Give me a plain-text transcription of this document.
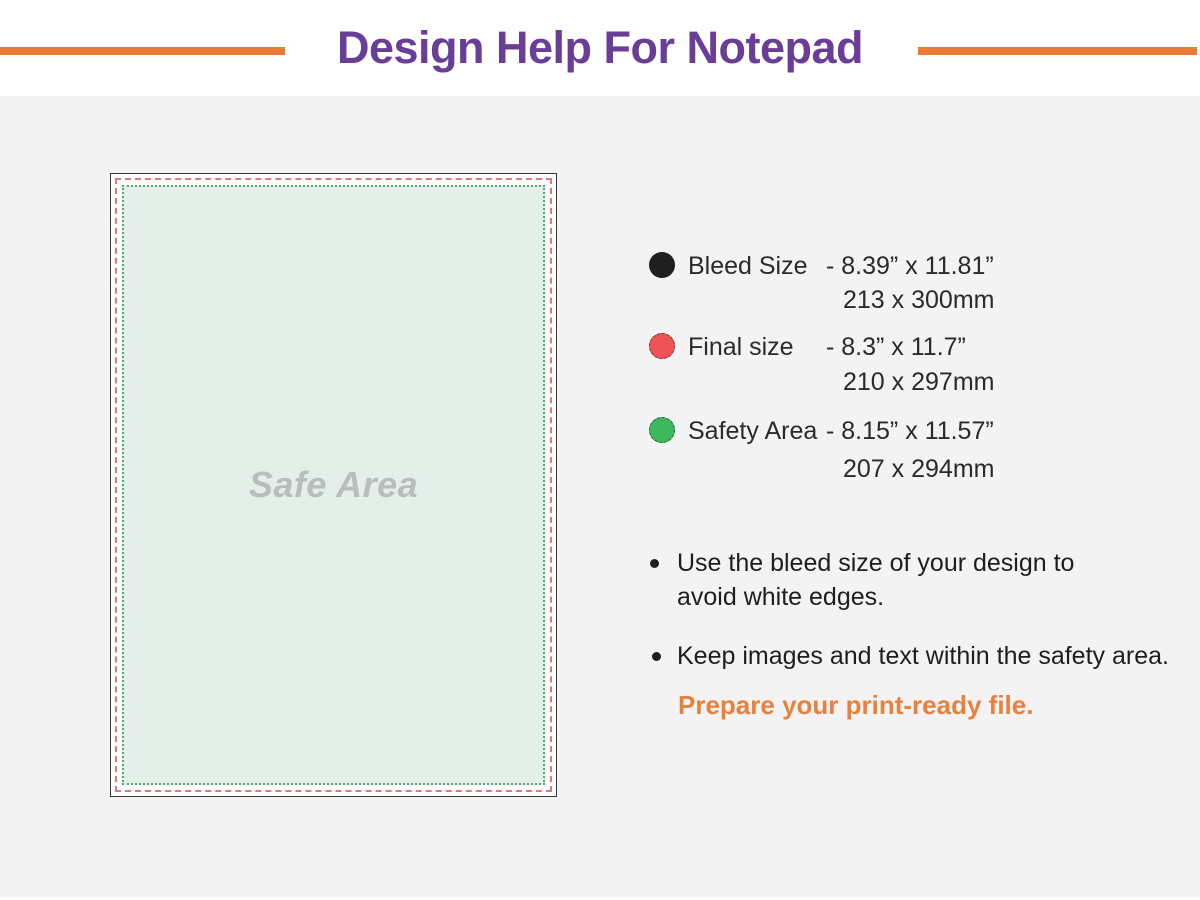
Design Help For Notepad
Safe Area
Bleed Size - 8.39” x 11.81”
213 x 300mm
Final size - 8.3” x 11.7”
210 x 297mm
Safety Area - 8.15” x 11.57”
207 x 294mm
Use the bleed size of your design to avoid white edges.
Keep images and text within the safety area.
Prepare your print-ready file.
